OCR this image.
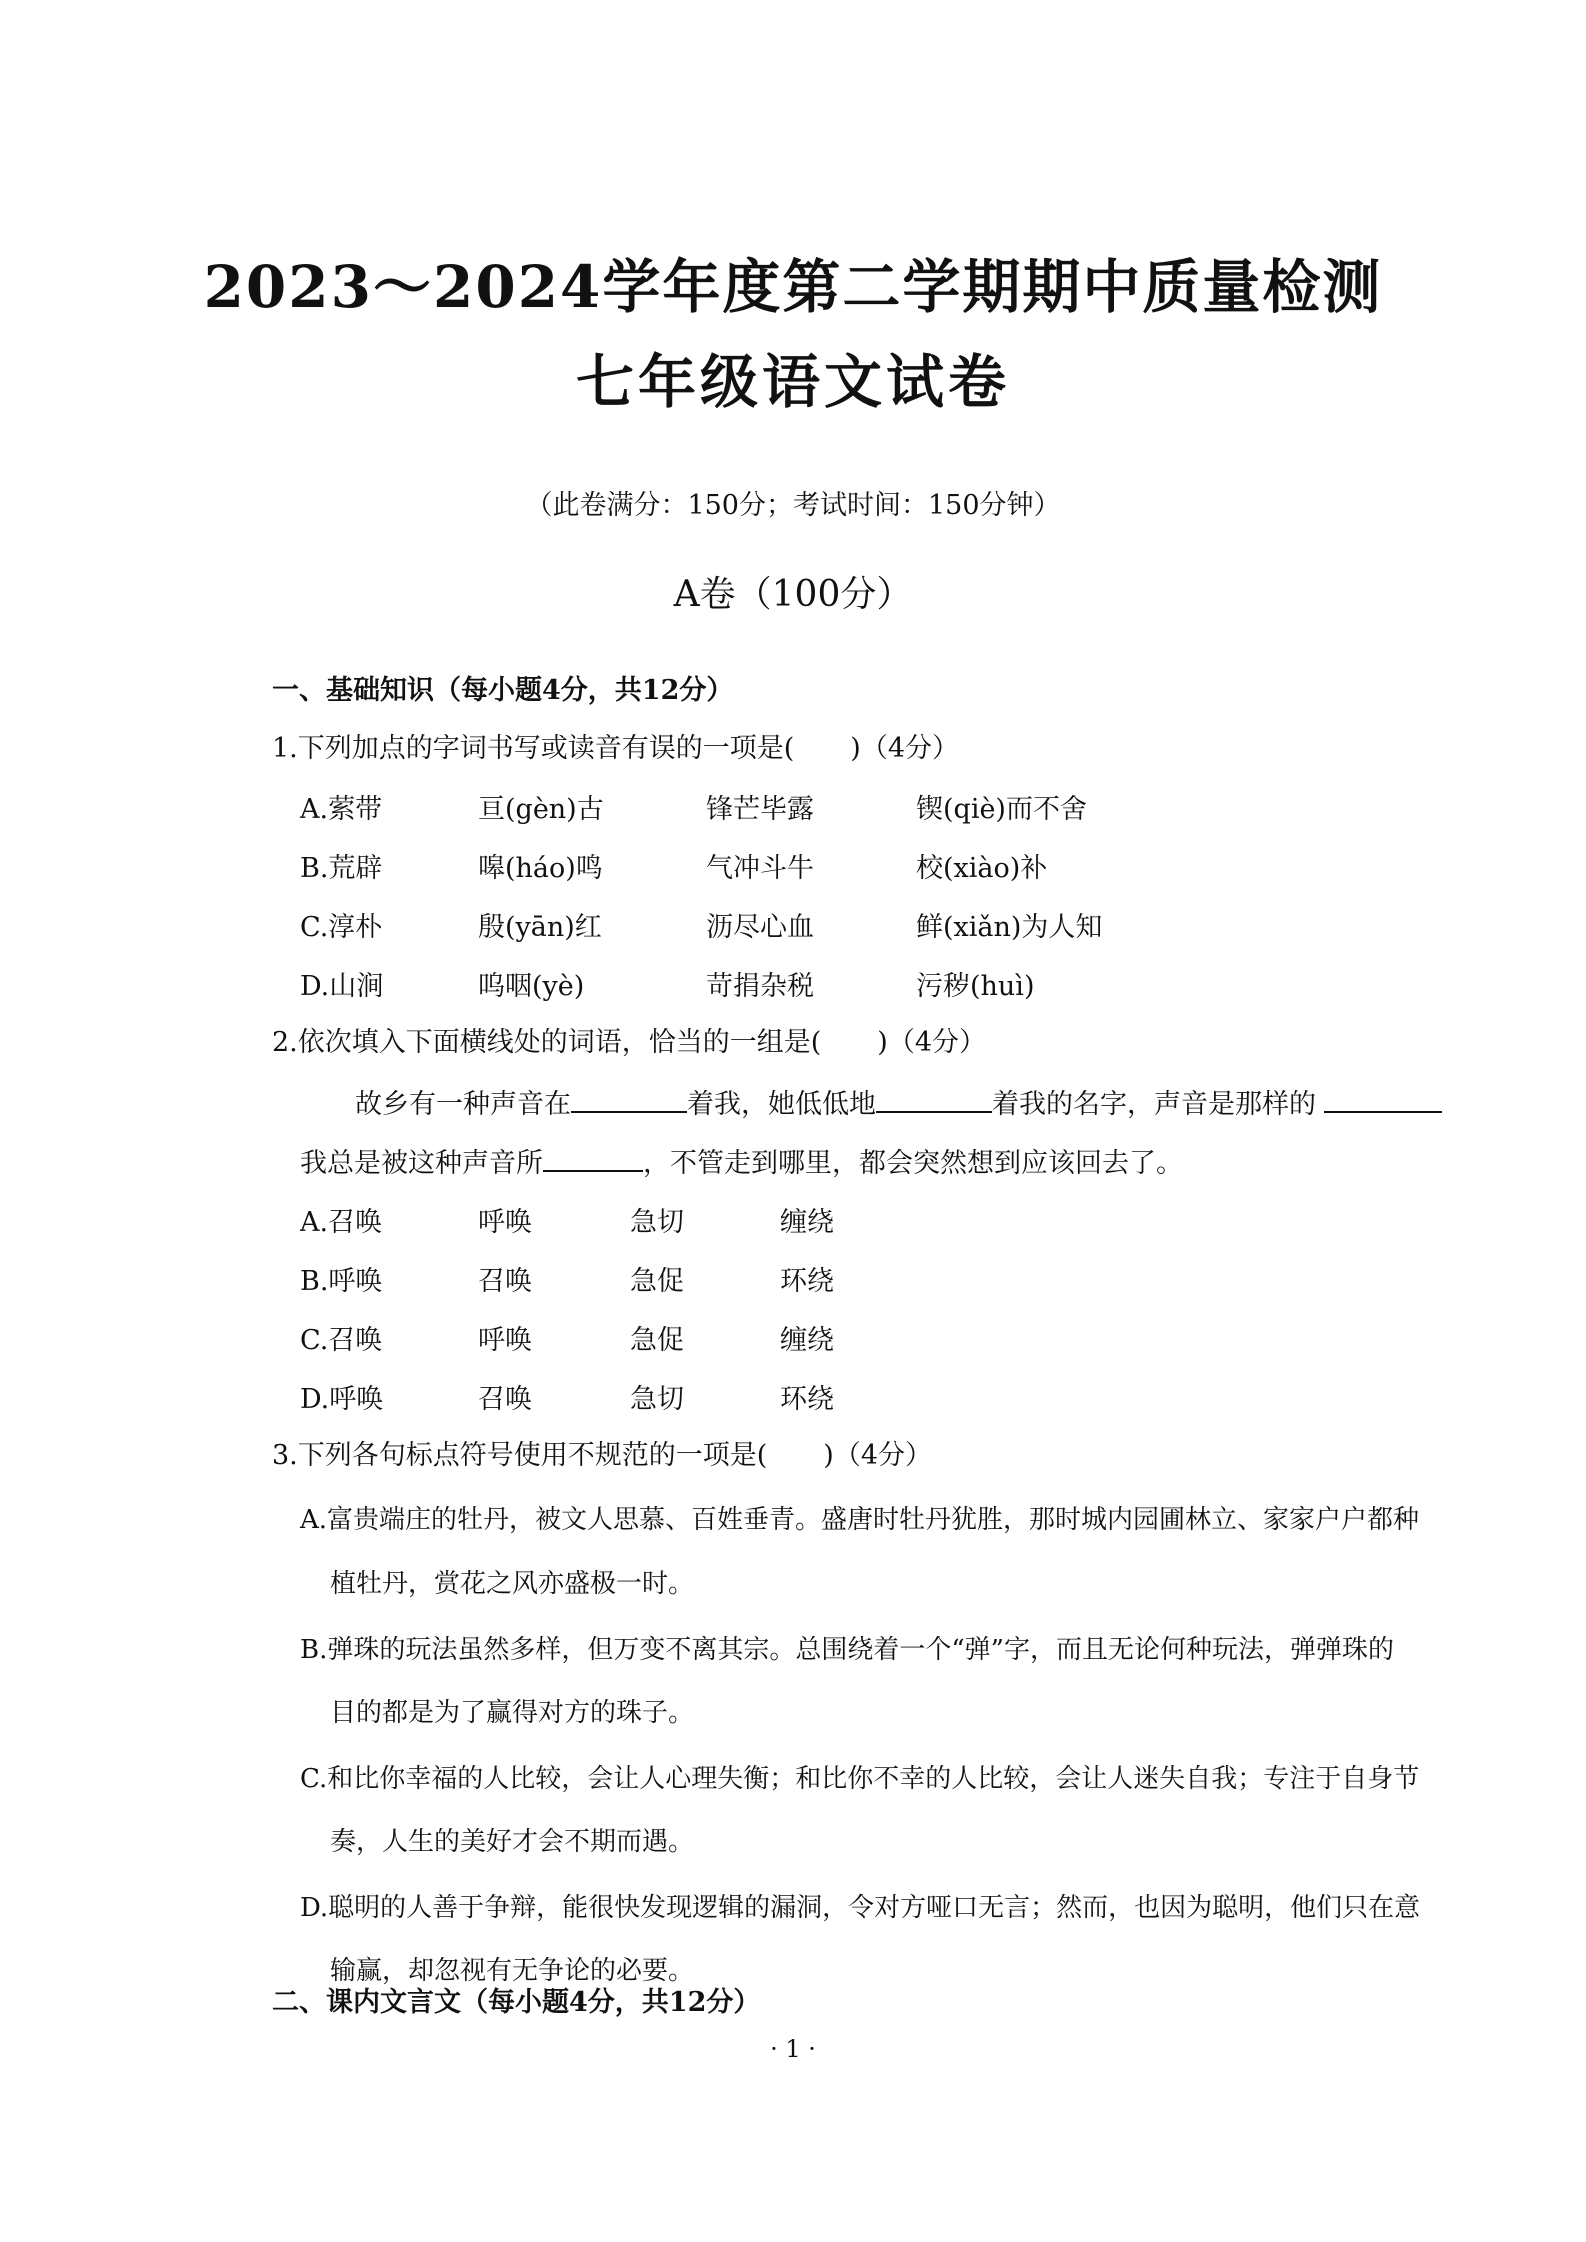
2023～2024学年度第二学期期中质量检测
七年级语文试卷
（此卷满分：150分；考试时间：150分钟）
A卷（100分）
一、基础知识（每小题4分，共12分）
1.下列加点的字词书写或读音有误的一项是( )（4分）
A.萦带	亘(gèn)古	锋芒毕露	锲(qiè)而不舍
B.荒辟	嗥(háo)鸣	气冲斗牛	校(xiào)补
C.淳朴	殷(yān)红	沥尽心血	鲜(xiǎn)为人知
D.山涧	呜咽(yè)	苛捐杂税	污秽(huì)
2.依次填入下面横线处的词语，恰当的一组是( )（4分）
故乡有一种声音在	着我，她低低地	着我的名字，声音是那样的
我总是被这种声音所	，不管走到哪里，都会突然想到应该回去了。
A.召唤	呼唤	急切	缠绕
B.呼唤	召唤	急促	环绕
C.召唤	呼唤	急促	缠绕
D.呼唤	召唤	急切	环绕
3.下列各句标点符号使用不规范的一项是( )（4分）
A.富贵端庄的牡丹，被文人思慕、百姓垂青。盛唐时牡丹犹胜，那时城内园圃林立、家家户户都种
植牡丹，赏花之风亦盛极一时。
B.弹珠的玩法虽然多样，但万变不离其宗。总围绕着一个“弹”字，而且无论何种玩法，弹弹珠的
目的都是为了赢得对方的珠子。
C.和比你幸福的人比较，会让人心理失衡；和比你不幸的人比较，会让人迷失自我；专注于自身节
奏，人生的美好才会不期而遇。
D.聪明的人善于争辩，能很快发现逻辑的漏洞，令对方哑口无言；然而，也因为聪明，他们只在意
输赢，却忽视有无争论的必要。
二、课内文言文（每小题4分，共12分）
· 1 ·
